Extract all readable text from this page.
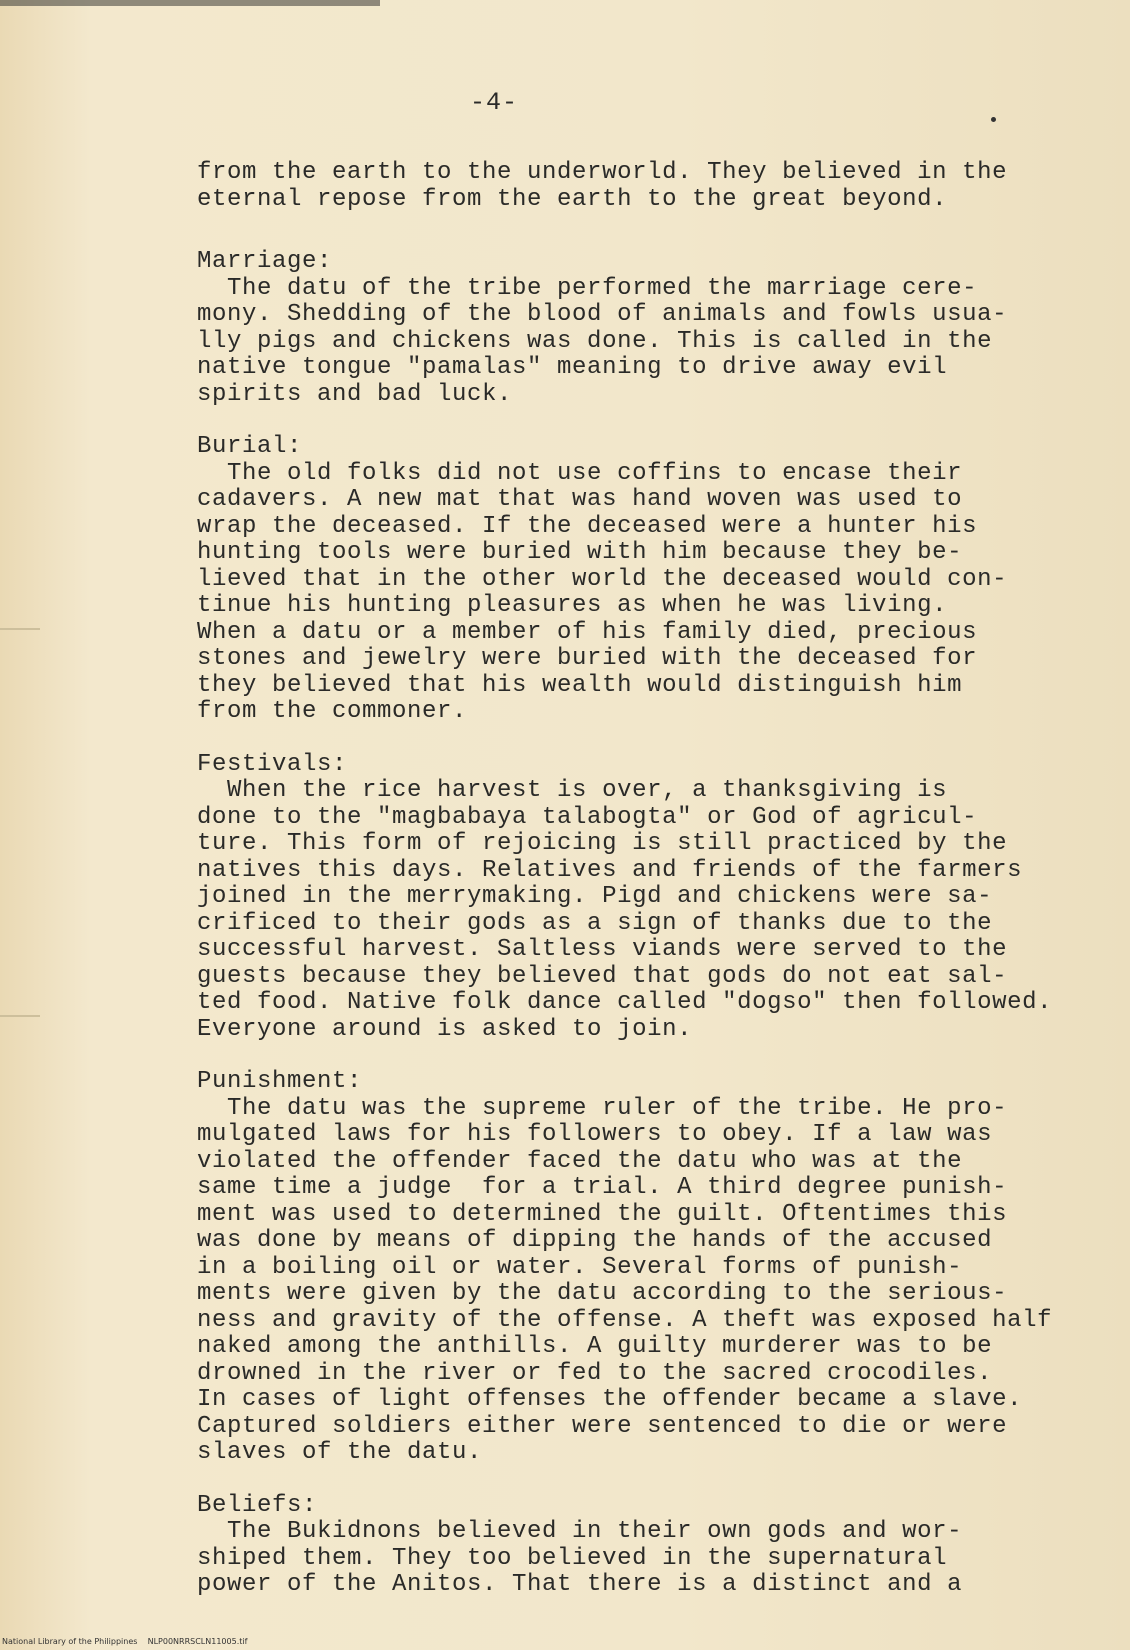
-4-
from the earth to the underworld. They believed in the
eternal repose from the earth to the great beyond.
Marriage:
The datu of the tribe performed the marriage cere-
mony. Shedding of the blood of animals and fowls usua-
lly pigs and chickens was done. This is called in the
native tongue "pamalas" meaning to drive away evil
spirits and bad luck.
Burial:
The old folks did not use coffins to encase their
cadavers. A new mat that was hand woven was used to
wrap the deceased. If the deceased were a hunter his
hunting tools were buried with him because they be-
lieved that in the other world the deceased would con-
tinue his hunting pleasures as when he was living.
When a datu or a member of his family died, precious
stones and jewelry were buried with the deceased for
they believed that his wealth would distinguish him
from the commoner.
Festivals:
When the rice harvest is over, a thanksgiving is
done to the "magbabaya talabogta" or God of agricul-
ture. This form of rejoicing is still practiced by the
natives this days. Relatives and friends of the farmers
joined in the merrymaking. Pigd and chickens were sa-
crificed to their gods as a sign of thanks due to the
successful harvest. Saltless viands were served to the
guests because they believed that gods do not eat sal-
ted food. Native folk dance called "dogso" then followed.
Everyone around is asked to join.
Punishment:
The datu was the supreme ruler of the tribe. He pro-
mulgated laws for his followers to obey. If a law was
violated the offender faced the datu who was at the
same time a judge  for a trial. A third degree punish-
ment was used to determined the guilt. Oftentimes this
was done by means of dipping the hands of the accused
in a boiling oil or water. Several forms of punish-
ments were given by the datu according to the serious-
ness and gravity of the offense. A theft was exposed half
naked among the anthills. A guilty murderer was to be
drowned in the river or fed to the sacred crocodiles.
In cases of light offenses the offender became a slave.
Captured soldiers either were sentenced to die or were
slaves of the datu.
Beliefs:
The Bukidnons believed in their own gods and wor-
shiped them. They too believed in the supernatural
power of the Anitos. That there is a distinct and a
National Library of the Philippines    NLP00NRRSCLN11005.tif
